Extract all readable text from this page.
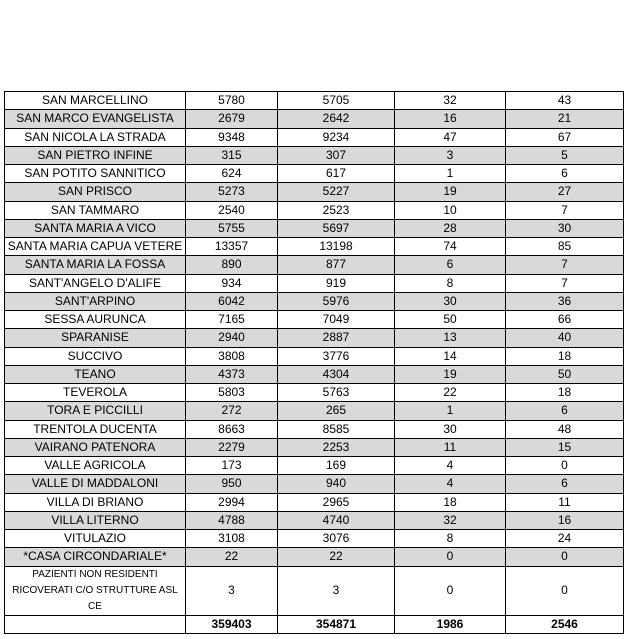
SAN MARCELLINO	5780	5705	32	43
SAN MARCO EVANGELISTA	2679	2642	16	21
SAN NICOLA LA STRADA	9348	9234	47	67
SAN PIETRO INFINE	315	307	3	5
SAN POTITO SANNITICO	624	617	1	6
SAN PRISCO	5273	5227	19	27
SAN TAMMARO	2540	2523	10	7
SANTA MARIA A VICO	5755	5697	28	30
SANTA MARIA CAPUA VETERE	13357	13198	74	85
SANTA MARIA LA FOSSA	890	877	6	7
SANT'ANGELO D'ALIFE	934	919	8	7
SANT'ARPINO	6042	5976	30	36
SESSA AURUNCA	7165	7049	50	66
SPARANISE	2940	2887	13	40
SUCCIVO	3808	3776	14	18
TEANO	4373	4304	19	50
TEVEROLA	5803	5763	22	18
TORA E PICCILLI	272	265	1	6
TRENTOLA DUCENTA	8663	8585	30	48
VAIRANO PATENORA	2279	2253	11	15
VALLE AGRICOLA	173	169	4	0
VALLE DI MADDALONI	950	940	4	6
VILLA DI BRIANO	2994	2965	18	11
VILLA LITERNO	4788	4740	32	16
VITULAZIO	3108	3076	8	24
*CASA CIRCONDARIALE*	22	22	0	0
PAZIENTI NON RESIDENTI RICOVERATI C/O STRUTTURE ASL CE	3	3	0	0
	359403	354871	1986	2546
